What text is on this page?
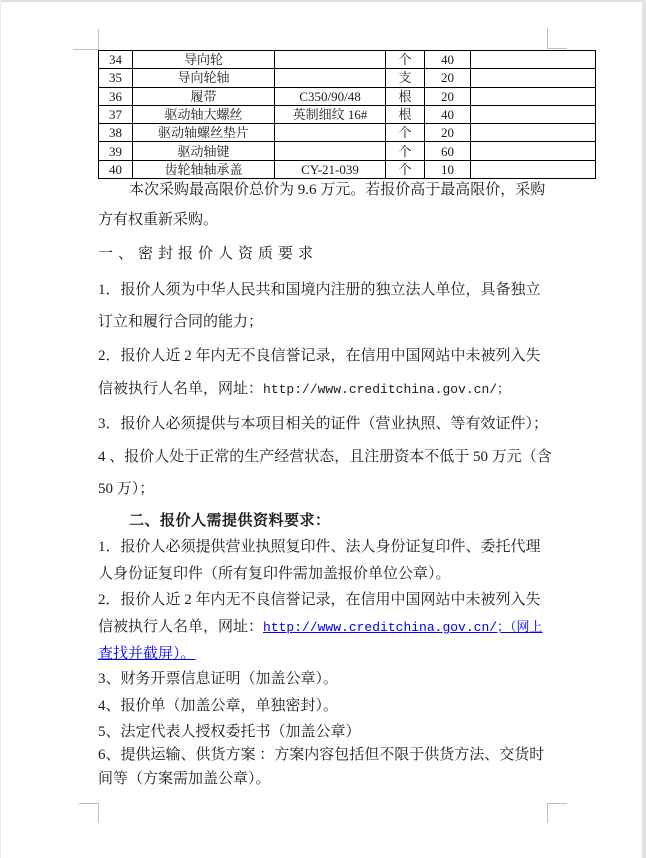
34	导向轮		个	40	
35	导向轮轴		支	20	
36	履带	C350/90/48	根	20	
37	驱动轴大螺丝	英制细纹 16#	根	40	
38	驱动轴螺丝垫片		个	20	
39	驱动轴键		个	60	
40	齿轮轴轴承盖	CY-21-039	个	10	
本次采购最高限价总价为 9.6 万元。若报价高于最高限价，采购
方有权重新采购。
一、密封报价人资质要求
1．报价人须为中华人民共和国境内注册的独立法人单位，具备独立
订立和履行合同的能力；
2．报价人近 2 年内无不良信誉记录，在信用中国网站中未被列入失
信被执行人名单，网址：http://www.creditchina.gov.cn/；
3．报价人必须提供与本项目相关的证件（营业执照、等有效证件）；
4 、报价人处于正常的生产经营状态，且注册资本不低于 50 万元（含
50 万）；
二、报价人需提供资料要求：
1．报价人必须提供营业执照复印件、法人身份证复印件、委托代理
人身份证复印件（所有复印件需加盖报价单位公章）。
2．报价人近 2 年内无不良信誉记录，在信用中国网站中未被列入失
信被执行人名单，网址：http://www.creditchina.gov.cn/；（网上
查找并截屏）。
3、财务开票信息证明（加盖公章）。
4、报价单（加盖公章，单独密封）。
5、法定代表人授权委托书（加盖公章）
6、提供运输、供货方案 ：方案内容包括但不限于供货方法、交货时
间等（方案需加盖公章）。
